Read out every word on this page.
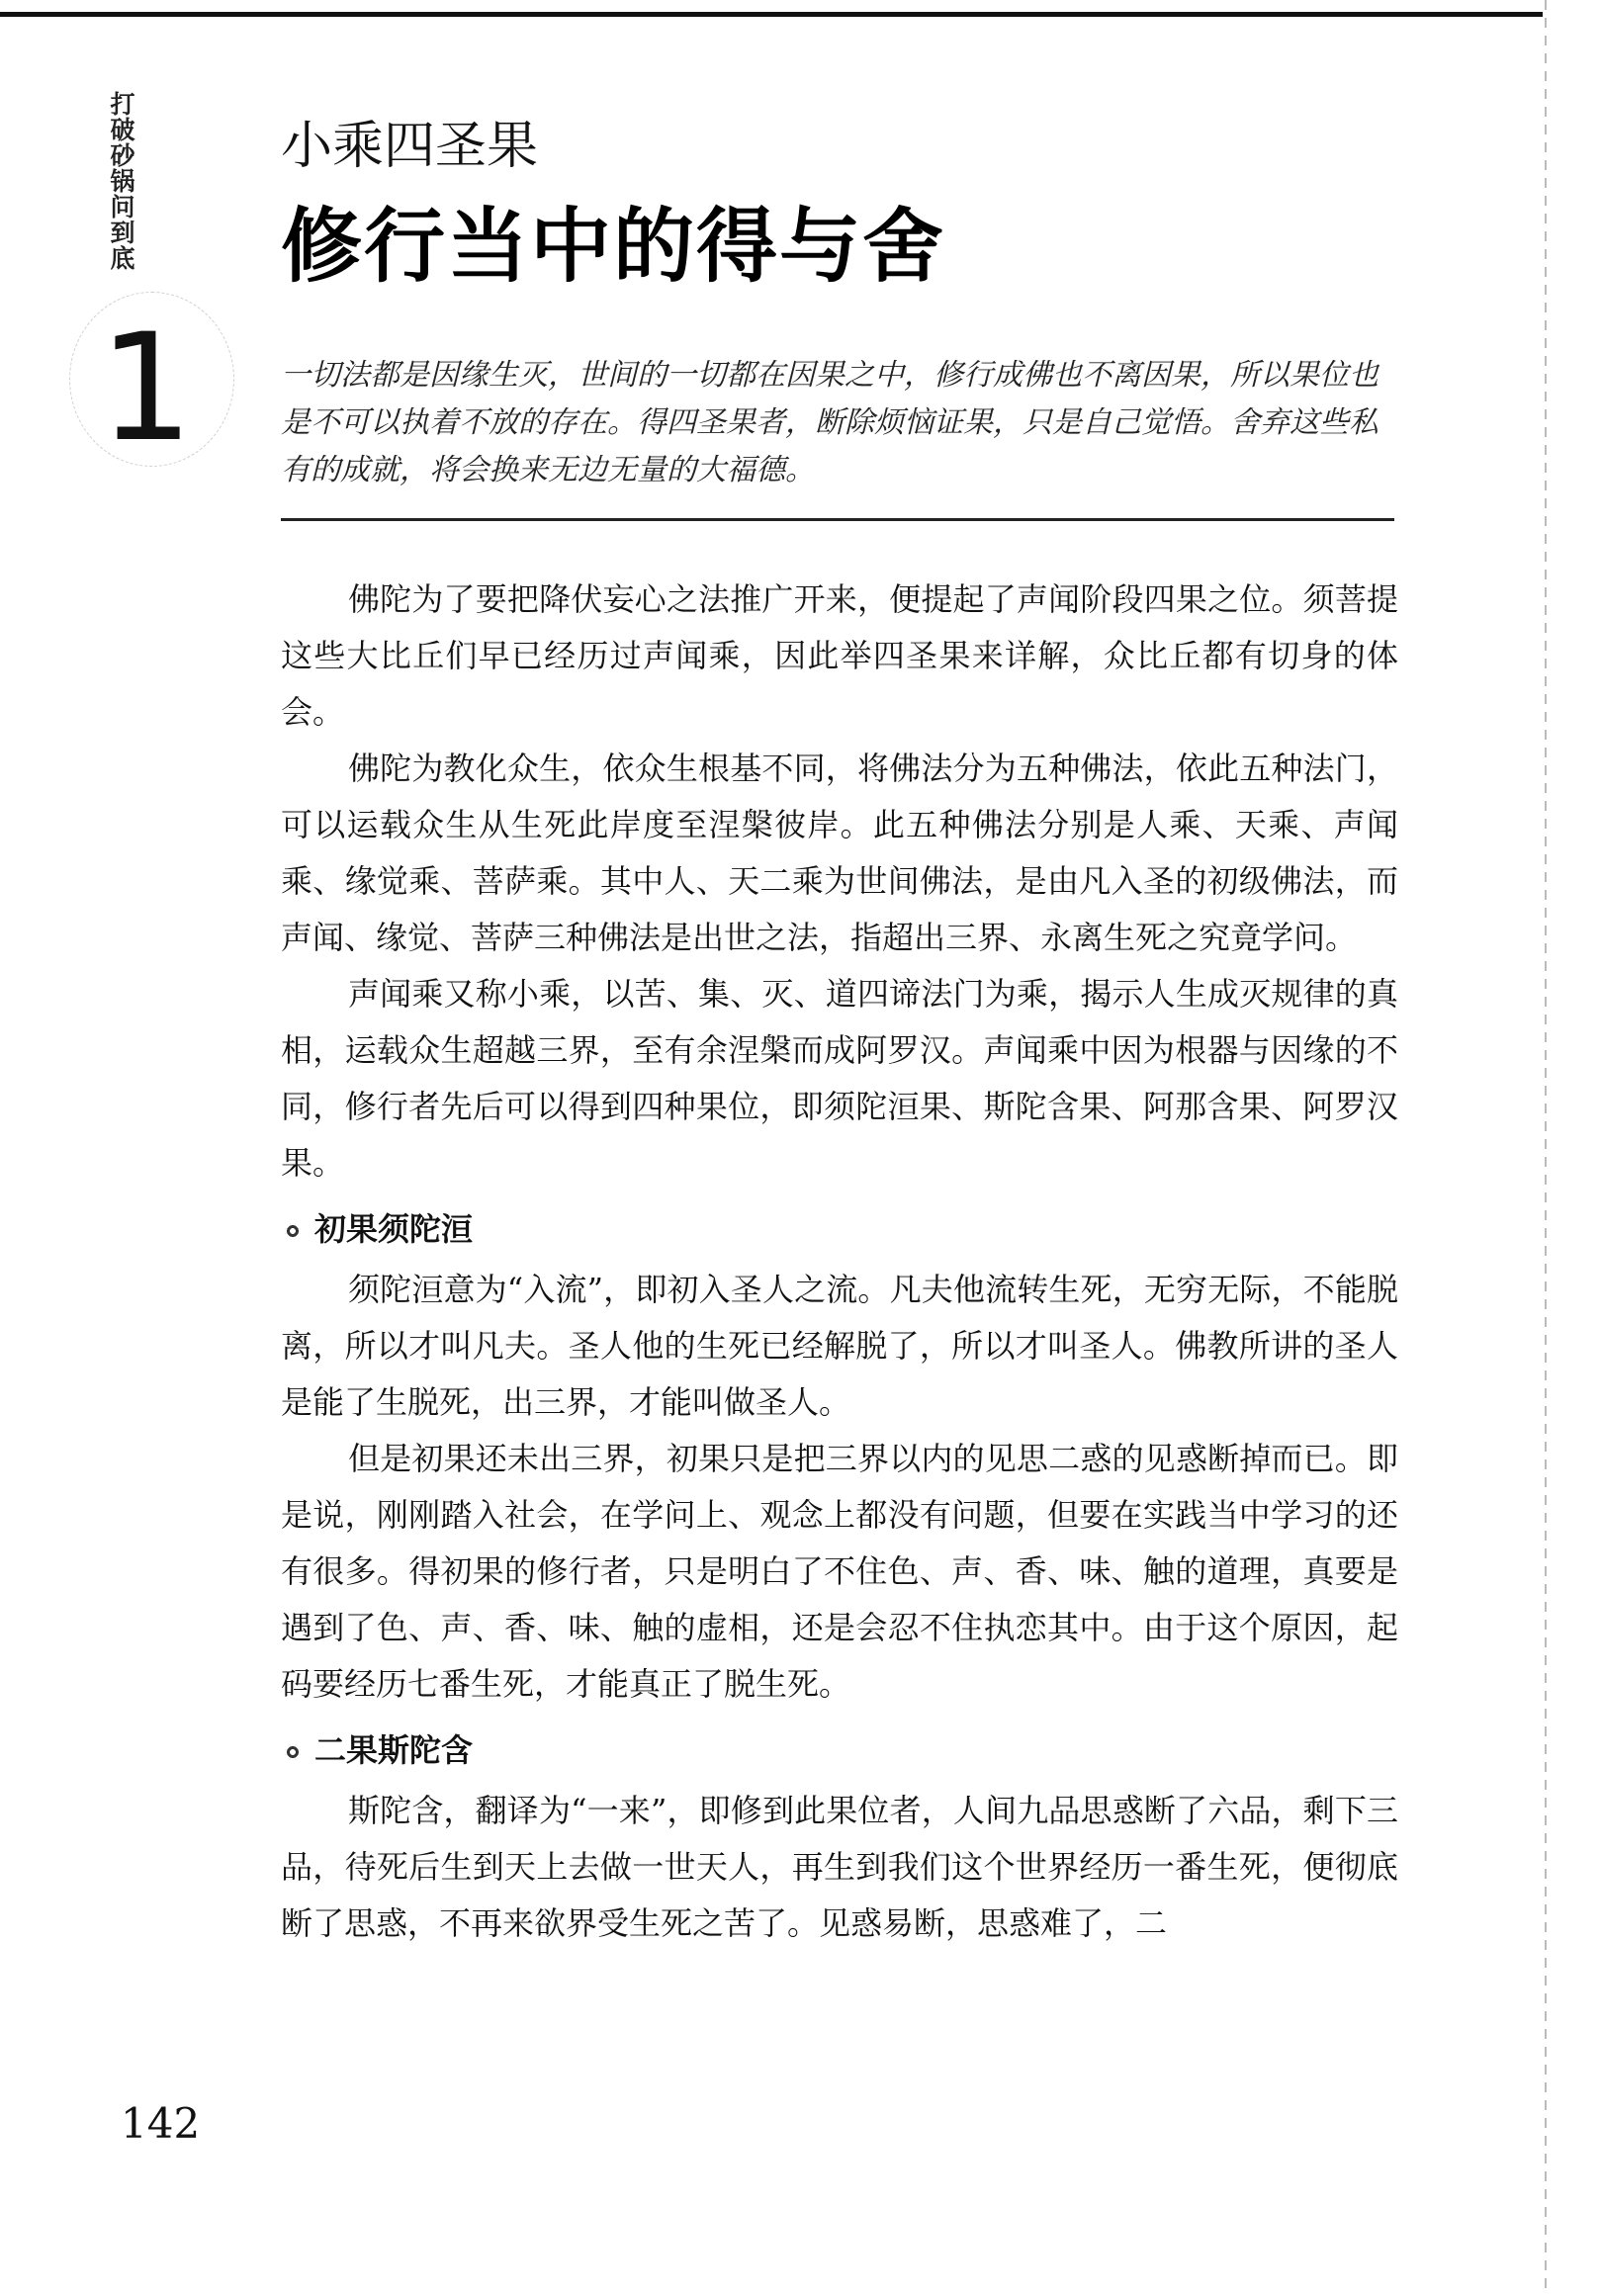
打破砂锅问到底
1
小乘四圣果
修行当中的得与舍
一切法都是因缘生灭，世间的一切都在因果之中，修行成佛也不离因果，所以果位也是不可以执着不放的存在。得四圣果者，断除烦恼证果，只是自己觉悟。舍弃这些私有的成就，将会换来无边无量的大福德。

佛陀为了要把降伏妄心之法推广开来，便提起了声闻阶段四果之位。须菩提这些大比丘们早已经历过声闻乘，因此举四圣果来详解，众比丘都有切身的体会。

佛陀为教化众生，依众生根基不同，将佛法分为五种佛法，依此五种法门，可以运载众生从生死此岸度至涅槃彼岸。此五种佛法分别是人乘、天乘、声闻乘、缘觉乘、菩萨乘。其中人、天二乘为世间佛法，是由凡入圣的初级佛法，而声闻、缘觉、菩萨三种佛法是出世之法，指超出三界、永离生死之究竟学问。

声闻乘又称小乘，以苦、集、灭、道四谛法门为乘，揭示人生成灭规律的真相，运载众生超越三界，至有余涅槃而成阿罗汉。声闻乘中因为根器与因缘的不同，修行者先后可以得到四种果位，即须陀洹果、斯陀含果、阿那含果、阿罗汉果。

初果须陀洹

须陀洹意为“入流”，即初入圣人之流。凡夫他流转生死，无穷无际，不能脱离，所以才叫凡夫。圣人他的生死已经解脱了，所以才叫圣人。佛教所讲的圣人是能了生脱死，出三界，才能叫做圣人。

但是初果还未出三界，初果只是把三界以内的见思二惑的见惑断掉而已。即是说，刚刚踏入社会，在学问上、观念上都没有问题，但要在实践当中学习的还有很多。得初果的修行者，只是明白了不住色、声、香、味、触的道理，真要是遇到了色、声、香、味、触的虚相，还是会忍不住执恋其中。由于这个原因，起码要经历七番生死，才能真正了脱生死。

二果斯陀含

斯陀含，翻译为“一来”，即修到此果位者，人间九品思惑断了六品，剩下三品，待死后生到天上去做一世天人，再生到我们这个世界经历一番生死，便彻底断了思惑，不再来欲界受生死之苦了。见惑易断，思惑难了，二

142
